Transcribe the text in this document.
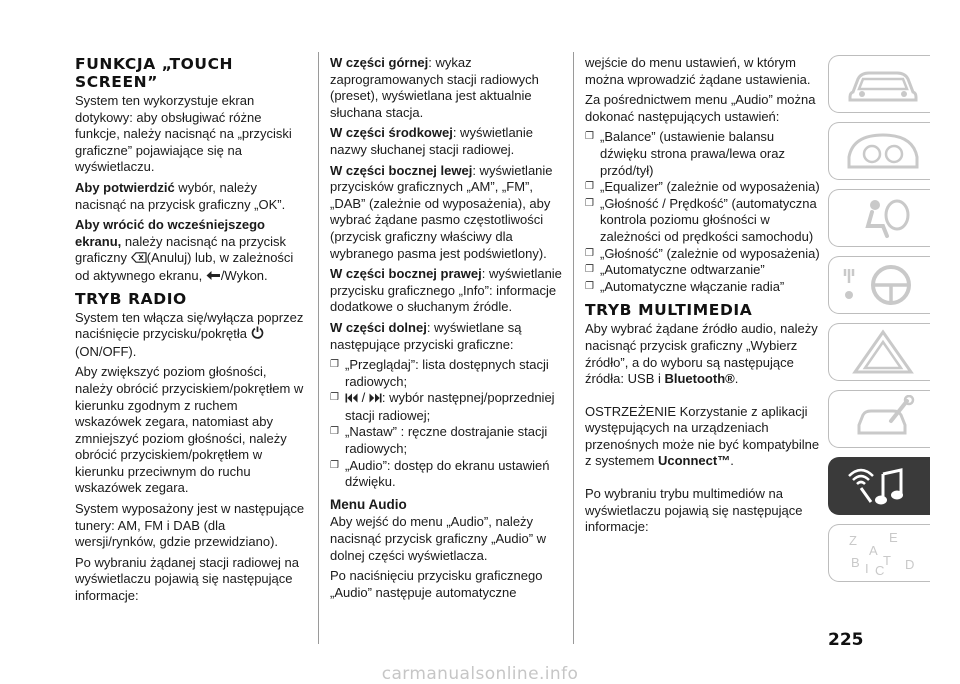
FUNKCJA „TOUCH SCREEN”

System ten wykorzystuje ekran dotykowy: aby obsługiwać różne funkcje, należy nacisnąć na „przyciski graficzne” pojawiające się na wyświetlaczu.

Aby potwierdzić wybór, należy nacisnąć na przycisk graficzny „OK”.

Aby wrócić do wcześniejszego ekranu, należy nacisnąć na przycisk graficzny (Anuluj) lub, w zależności od aktywnego ekranu, /Wykon.

TRYB RADIO

System ten włącza się/wyłącza poprzez naciśnięcie przycisku/pokrętła  (ON/OFF).

Aby zwiększyć poziom głośności, należy obrócić przyciskiem/pokrętłem w kierunku zgodnym z ruchem wskazówek zegara, natomiast aby zmniejszyć poziom głośności, należy obrócić przyciskiem/pokrętłem w kierunku przeciwnym do ruchu wskazówek zegara.

System wyposażony jest w następujące tunery: AM, FM i DAB (dla wersji/rynków, gdzie przewidziano).

Po wybraniu żądanej stacji radiowej na wyświetlaczu pojawią się następujące informacje:

W części górnej: wykaz zaprogramowanych stacji radiowych (preset), wyświetlana jest aktualnie słuchana stacja.

W części środkowej: wyświetlanie nazwy słuchanej stacji radiowej.

W części bocznej lewej: wyświetlanie przycisków graficznych „AM”, „FM”, „DAB” (zależnie od wyposażenia), aby wybrać żądane pasmo częstotliwości (przycisk graficzny właściwy dla wybranego pasma jest podświetlony).

W części bocznej prawej: wyświetlanie przycisku graficznego „Info”: informacje dodatkowe o słuchanym źródle.

W części dolnej: wyświetlane są następujące przyciski graficzne:

❐ „Przeglądaj”: lista dostępnych stacji radiowych;
❐	/ : wybór następnej/poprzedniej stacji radiowej;
❐ „Nastaw” : ręczne dostrajanie stacji radiowych;
❐ „Audio”: dostęp do ekranu ustawień dźwięku.
Menu Audio

Aby wejść do menu „Audio”, należy nacisnąć przycisk graficzny „Audio” w dolnej części wyświetlacza.

Po naciśnięciu przycisku graficznego „Audio” następuje automatyczne

wejście do menu ustawień, w którym można wprowadzić żądane ustawienia.

Za pośrednictwem menu „Audio” można dokonać następujących ustawień:

❐ „Balance” (ustawienie balansu dźwięku strona prawa/lewa oraz przód/tył)
❐ „Equalizer” (zależnie od wyposażenia)
❐ „Głośność / Prędkość” (automatyczna kontrola poziomu głośności w zależności od prędkości samochodu)
❐ „Głośność” (zależnie od wyposażenia)
❐ „Automatyczne odtwarzanie”
❐ „Automatyczne włączanie radia”
TRYB MULTIMEDIA

Aby wybrać żądane źródło audio, należy nacisnąć przycisk graficzny „Wybierz źródło”, a do wyboru są następujące źródła: USB i Bluetooth®.

OSTRZEŻENIE Korzystanie z aplikacji występujących na urządzeniach przenośnych może nie być kompatybilne z systemem Uconnect™.

Po wybraniu trybu multimediów na wyświetlaczu pojawią się następujące informacje:

Z E
A
B
C D
I
T
225
carmanualsonline.info
